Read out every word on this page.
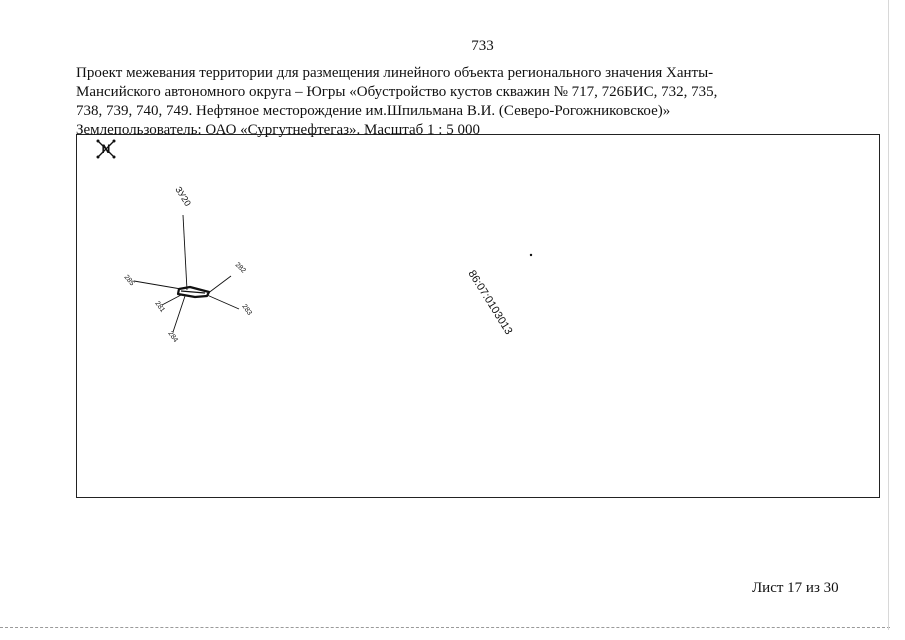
733
Проект межевания территории для размещения линейного объекта регионального значения Ханты-
Мансийского автономного округа – Югры «Обустройство кустов скважин № 717, 726БИС, 732, 735,
738, 739, 740, 749. Нефтяное месторождение им.Шпильмана В.И. (Северо-Рогожниковское)»
Землепользователь: ОАО «Сургутнефтегаз». Масштаб 1 : 5 000
N
ЗУ20
282
285
281
284
283	86:07:0103013
Лист 17 из 30
